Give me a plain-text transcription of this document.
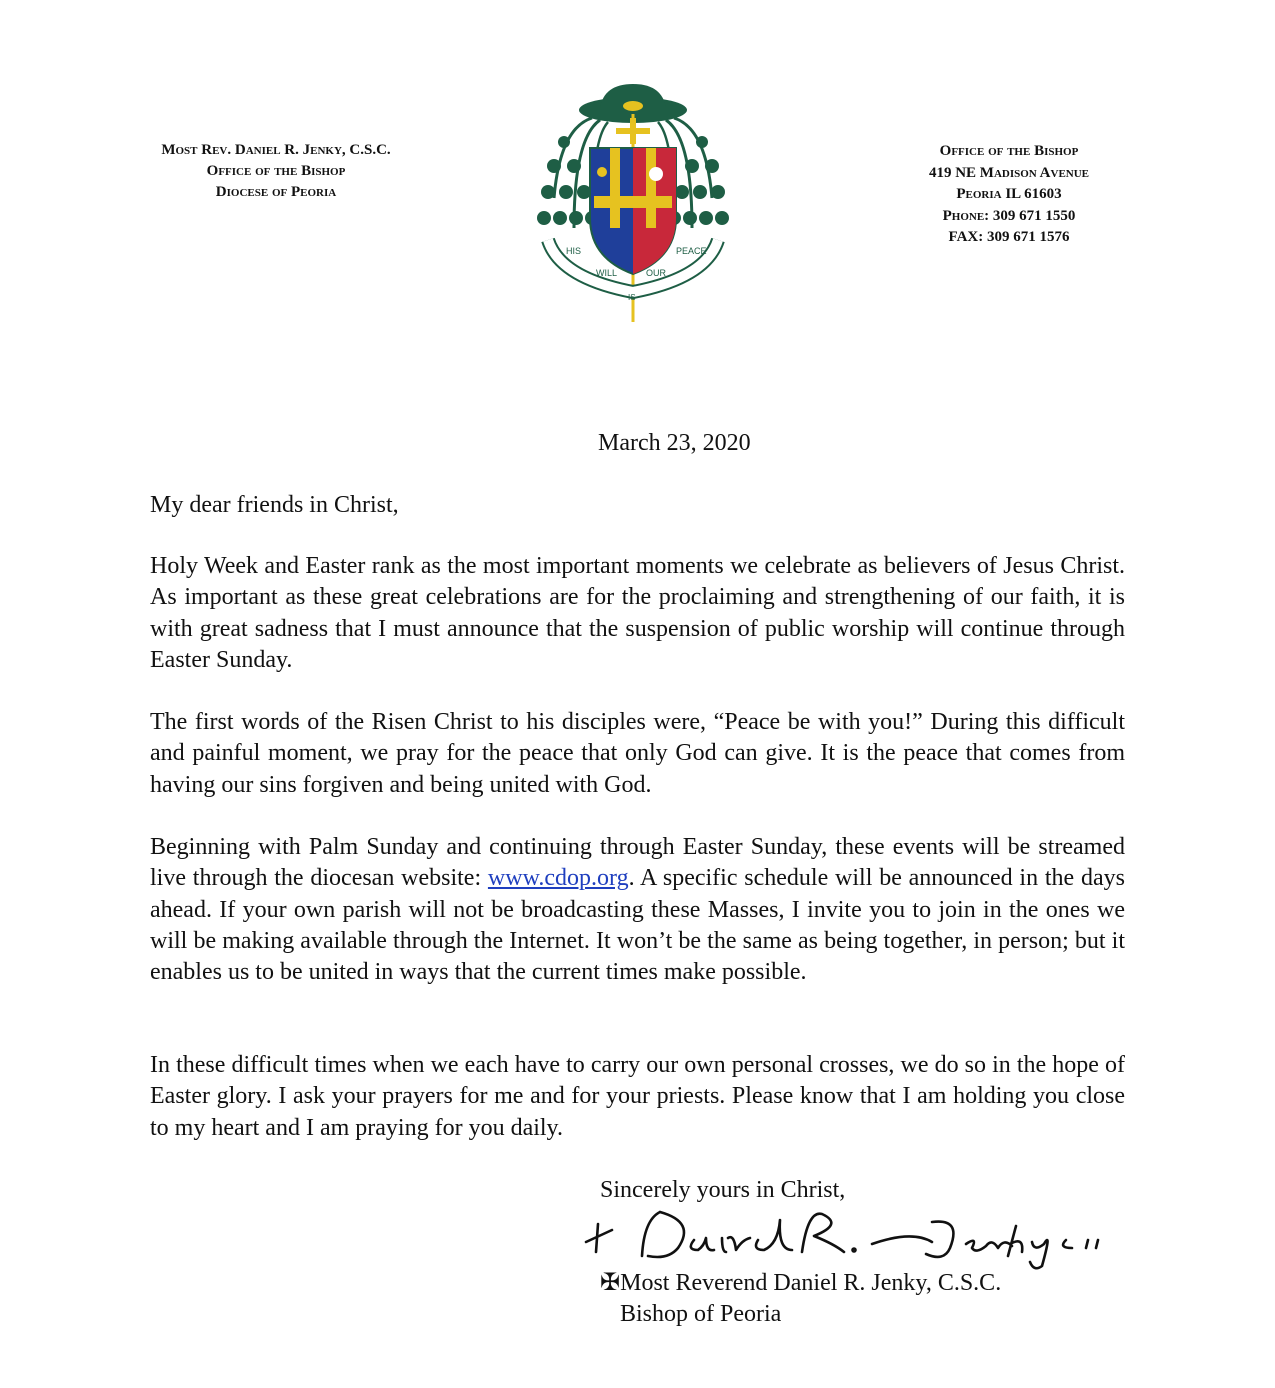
Most Rev. Daniel R. Jenky, C.S.C.
Office of the Bishop
Diocese of Peoria
HIS
WILL
IS
OUR
PEACE
Office of the Bishop
419 NE Madison Avenue
Peoria IL 61603
Phone: 309 671 1550
FAX: 309 671 1576
March 23, 2020
My dear friends in Christ,
Holy Week and Easter rank as the most important moments we celebrate as believers of Jesus Christ. As important as these great celebrations are for the proclaiming and strengthening of our faith, it is with great sadness that I must announce that the suspension of public worship will continue through Easter Sunday.
The first words of the Risen Christ to his disciples were, “Peace be with you!” During this difficult and painful moment, we pray for the peace that only God can give. It is the peace that comes from having our sins forgiven and being united with God.
Beginning with Palm Sunday and continuing through Easter Sunday, these events will be streamed live through the diocesan website: www.cdop.org. A specific schedule will be announced in the days ahead. If your own parish will not be broadcasting these Masses, I invite you to join in the ones we will be making available through the Internet. It won’t be the same as being together, in person; but it enables us to be united in ways that the current times make possible.
In these difficult times when we each have to carry our own personal crosses, we do so in the hope of Easter glory. I ask your prayers for me and for your priests. Please know that I am holding you close to my heart and I am praying for you daily.
Sincerely yours in Christ,
✠Most Reverend Daniel R. Jenky, C.S.C.
Bishop of Peoria
